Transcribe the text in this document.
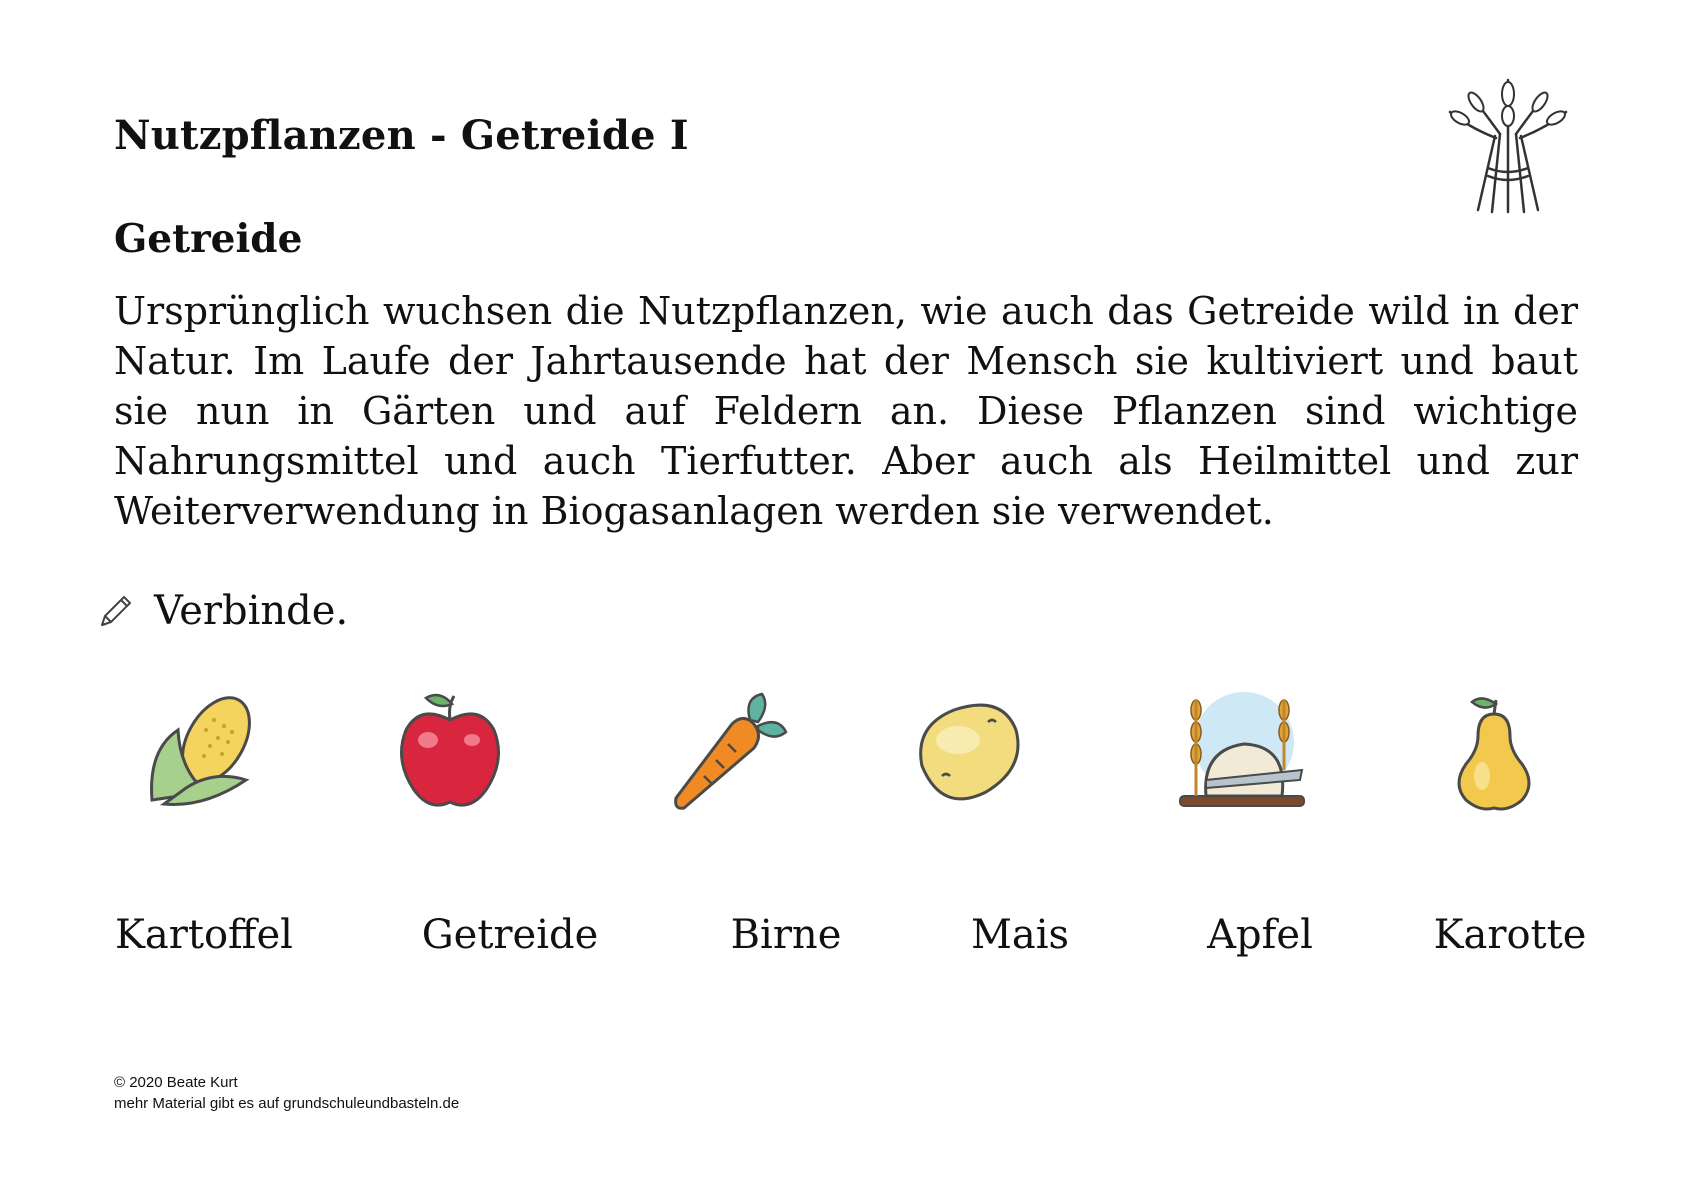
Nutzpflanzen - Getreide I
Getreide

Ursprünglich wuchsen die Nutzpflanzen, wie auch das Getreide wild in der Natur. Im Laufe der Jahrtausende hat der Mensch sie kultiviert und baut sie nun in Gärten und auf Feldern an. Diese Pflanzen sind wichtige Nahrungsmittel und auch Tierfutter. Aber auch als Heilmittel und zur Weiterverwendung in Biogasanlagen werden sie verwendet.

Verbinde.
Kartoffel	Getreide	Birne	Mais	Apfel	Karotte
© 2020 Beate Kurt
mehr Material gibt es auf grundschuleundbasteln.de
